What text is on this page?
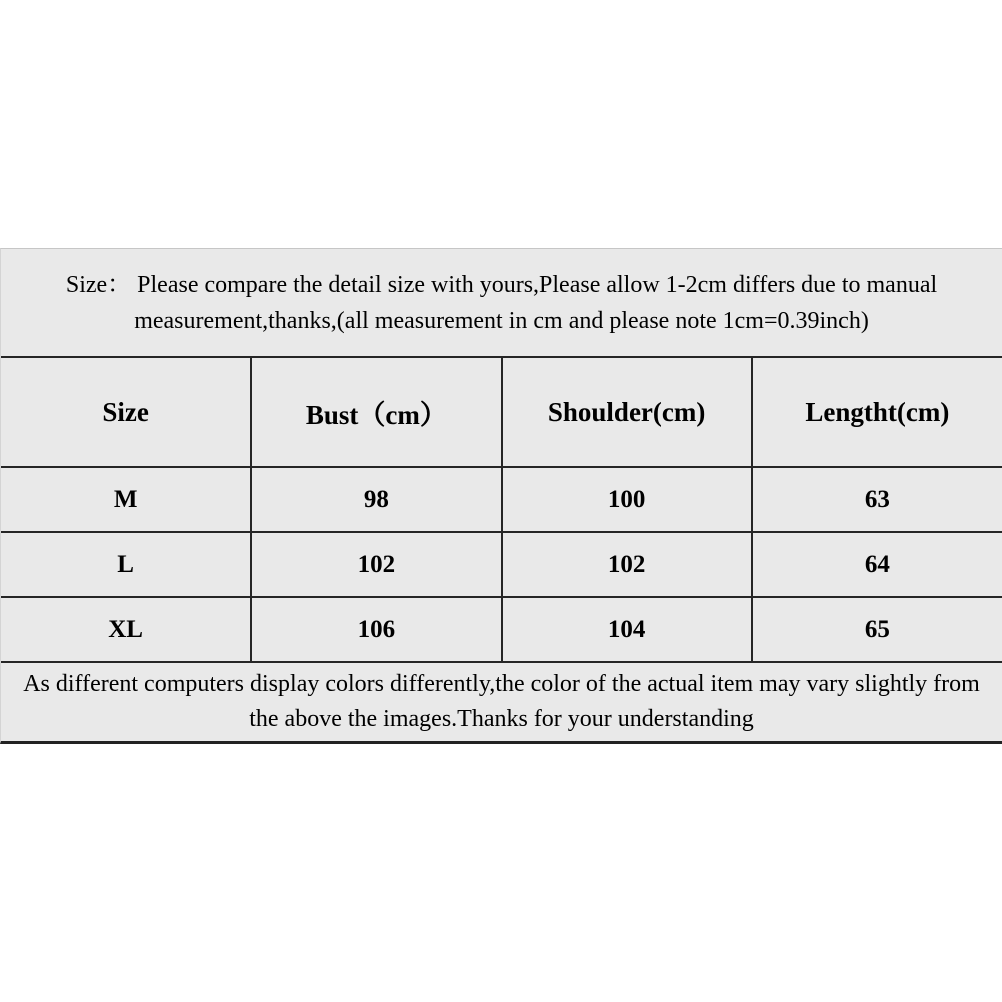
Size： Please compare the detail size with yours,Please allow 1-2cm differs due to manual
measurement,thanks,(all measurement in cm and please note 1cm=0.39inch)
Size	Bust（cm）	Shoulder(cm)	Lengtht(cm)
M	98	100	63
L	102	102	64
XL	106	104	65
As different computers display colors differently,the color of the actual item may vary slightly from
the above the images.Thanks for your understanding
